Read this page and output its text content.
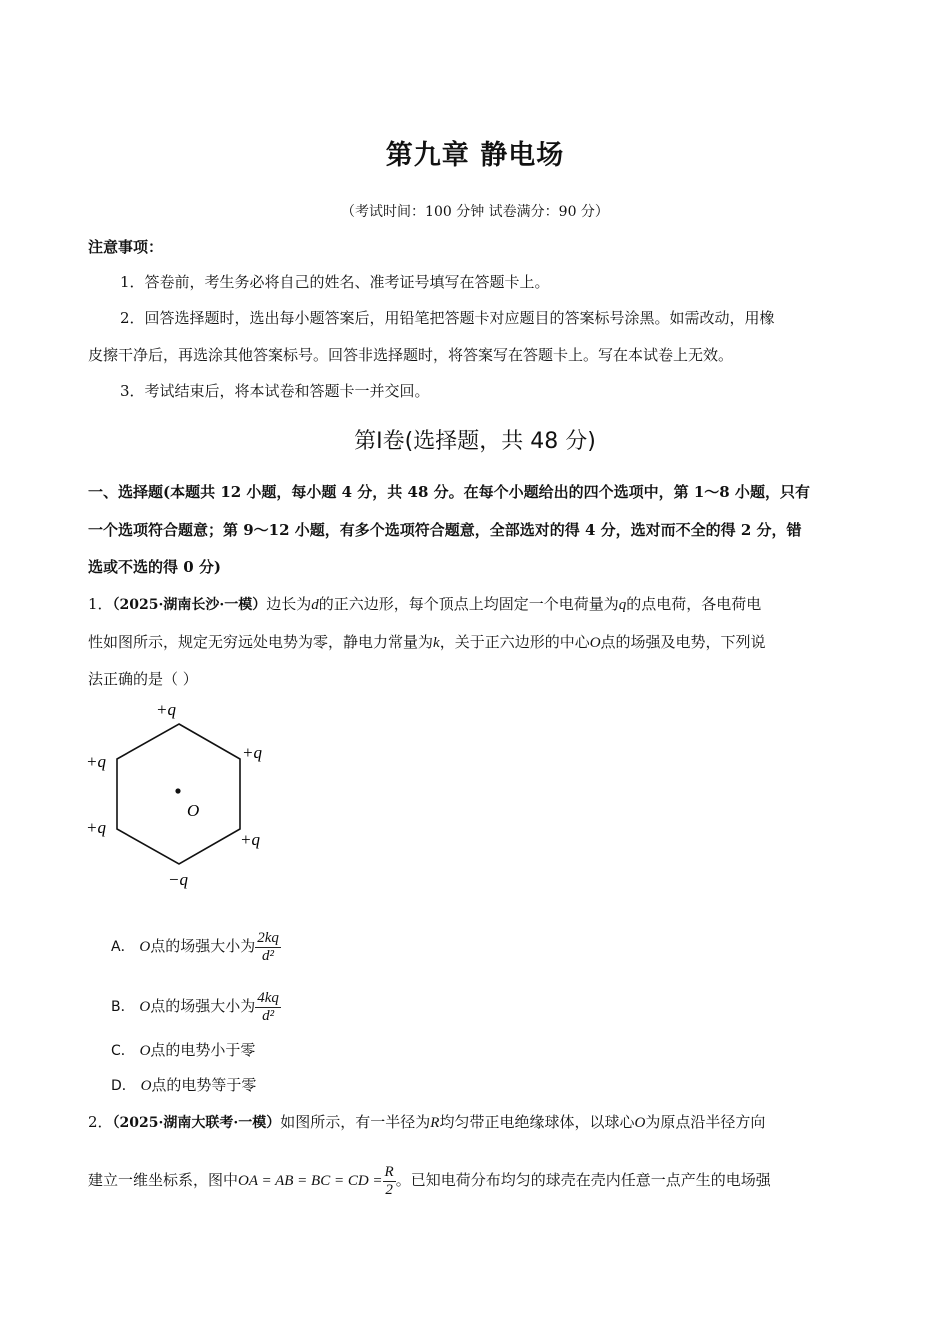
第九章 静电场
（考试时间：100 分钟 试卷满分：90 分）
注意事项：
1．答卷前，考生务必将自己的姓名、准考证号填写在答题卡上。
2．回答选择题时，选出每小题答案后，用铅笔把答题卡对应题目的答案标号涂黑。如需改动，用橡
皮擦干净后，再选涂其他答案标号。回答非选择题时，将答案写在答题卡上。写在本试卷上无效。
3．考试结束后，将本试卷和答题卡一并交回。
第Ⅰ卷(选择题，共 48 分)
一、选择题(本题共 12 小题，每小题 4 分，共 48 分。在每个小题给出的四个选项中，第 1～8 小题，只有
一个选项符合题意；第 9～12 小题，有多个选项符合题意，全部选对的得 4 分，选对而不全的得 2 分，错
选或不选的得 0 分)
1．（2025·湖南长沙·一模）边长为d的正六边形，每个顶点上均固定一个电荷量为q的点电荷，各电荷电
性如图所示，规定无穷远处电势为零，静电力常量为k，关于正六边形的中心O点的场强及电势，下列说
法正确的是（ ）
+q
+q
+q
+q
+q
−q
O
A． O点的场强大小为 $\frac{2kq}{\text{d²}}$
B． O点的场强大小为 $\frac{4kq}{\text{d²}}$
C． O点的电势小于零
D． O点的电势等于零
2．（2025·湖南大联考·一模）如图所示，有一半径为R均匀带正电绝缘球体，以球心O为原点沿半径方向
建立一维坐标系，图中OA = AB = BC = CD = $\frac{R}{2}$ 。已知电荷分布均匀的球壳在壳内任意一点产生的电场强
